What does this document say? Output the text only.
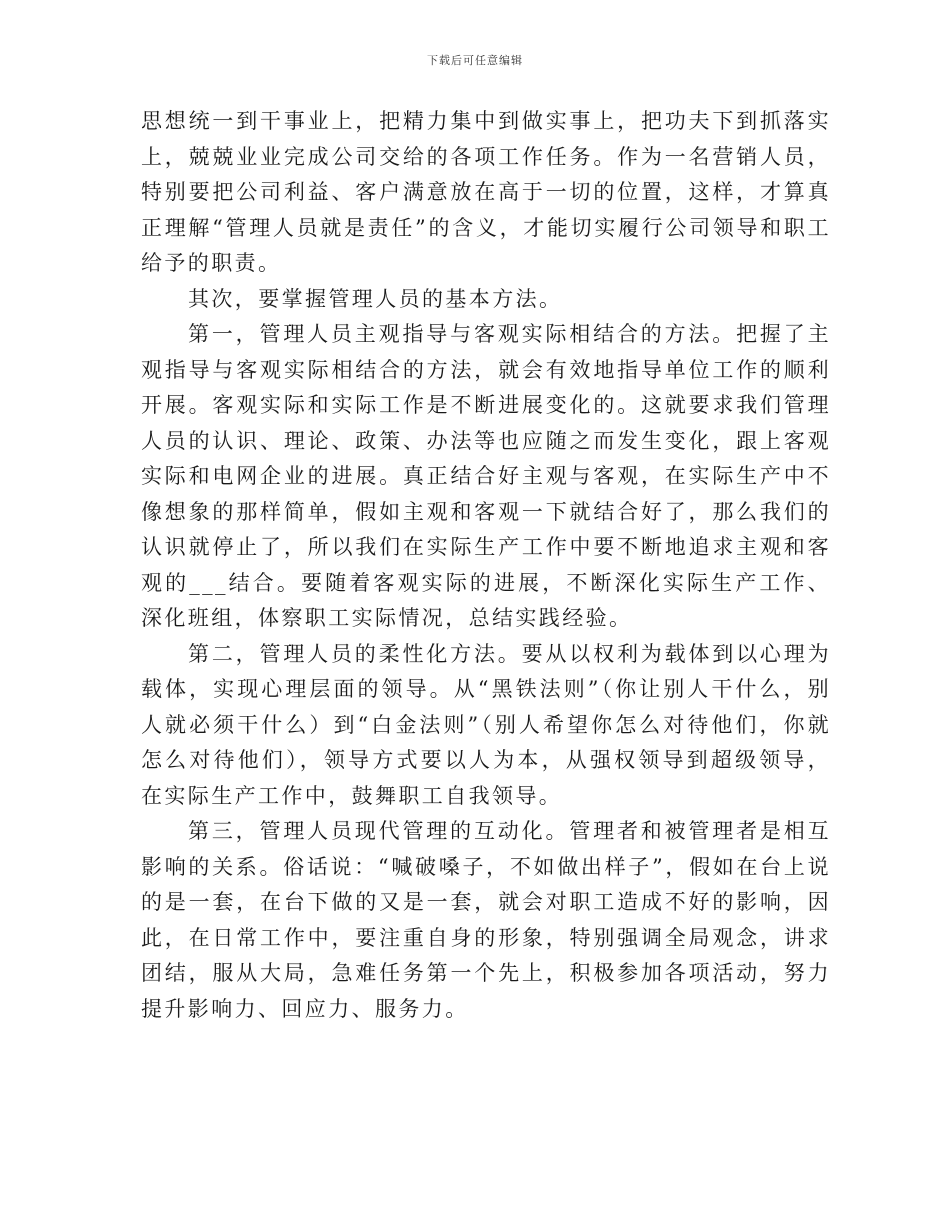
下载后可任意编辑

思想统一到干事业上，把精力集中到做实事上，把功夫下到抓落实上，兢兢业业完成公司交给的各项工作任务。作为一名营销人员，特别要把公司利益、客户满意放在高于一切的位置，这样，才算真正理解“管理人员就是责任”的含义，才能切实履行公司领导和职工给予的职责。

其次，要掌握管理人员的基本方法。

第一，管理人员主观指导与客观实际相结合的方法。把握了主观指导与客观实际相结合的方法，就会有效地指导单位工作的顺利开展。客观实际和实际工作是不断进展变化的。这就要求我们管理人员的认识、理论、政策、办法等也应随之而发生变化，跟上客观实际和电网企业的进展。真正结合好主观与客观，在实际生产中不像想象的那样简单，假如主观和客观一下就结合好了，那么我们的认识就停止了，所以我们在实际生产工作中要不断地追求主观和客观的___结合。要随着客观实际的进展，不断深化实际生产工作、深化班组，体察职工实际情况，总结实践经验。

第二，管理人员的柔性化方法。要从以权利为载体到以心理为载体，实现心理层面的领导。从“黑铁法则”（你让别人干什么，别人就必须干什么）到“白金法则”（别人希望你怎么对待他们，你就怎么对待他们），领导方式要以人为本，从强权领导到超级领导，在实际生产工作中，鼓舞职工自我领导。

第三，管理人员现代管理的互动化。管理者和被管理者是相互影响的关系。俗话说：“喊破嗓子，不如做出样子”，假如在台上说的是一套，在台下做的又是一套，就会对职工造成不好的影响，因此，在日常工作中，要注重自身的形象，特别强调全局观念，讲求团结，服从大局，急难任务第一个先上，积极参加各项活动，努力提升影响力、回应力、服务力。
